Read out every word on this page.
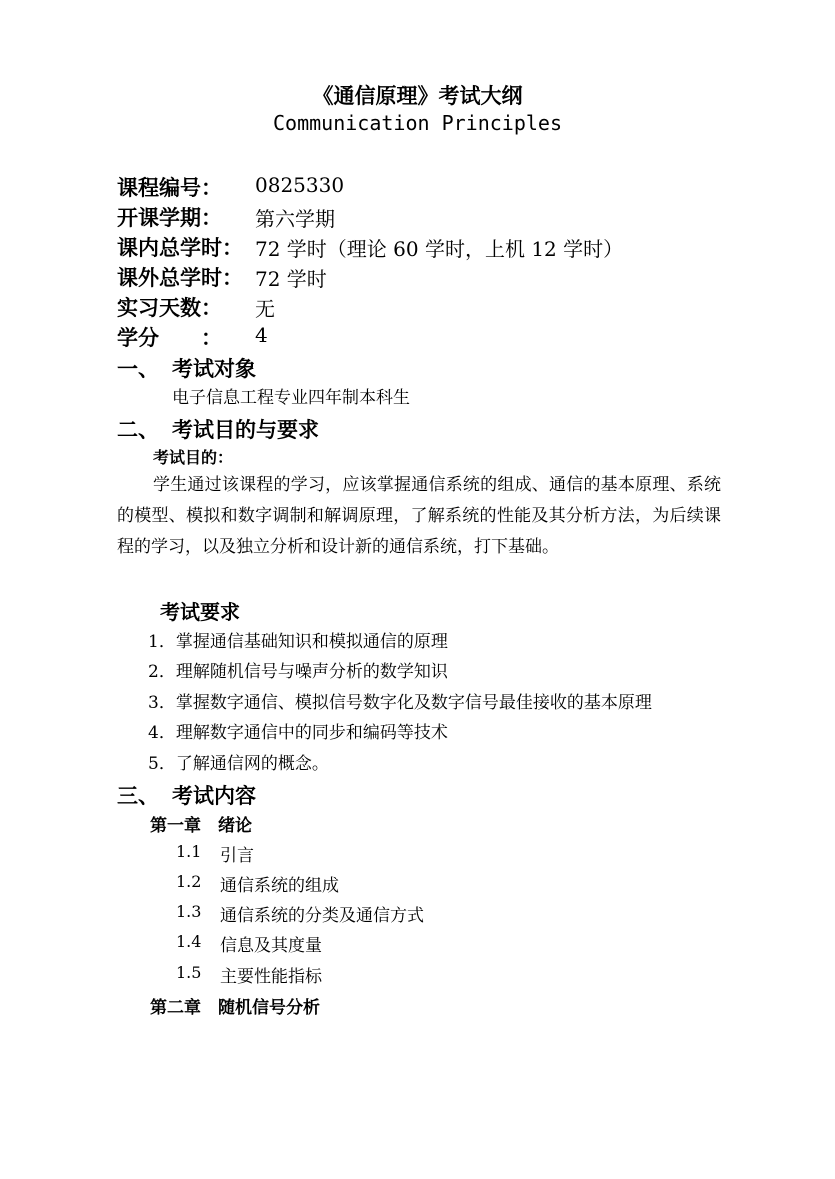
《通信原理》考试大纲
Communication Principles
课程编号： 0825330
开课学期： 第六学期
课内总学时： 72 学时（理论 60 学时，上机 12 学时）
课外总学时： 72 学时
实习天数： 无
学分　　： 4
一、 考试对象
电子信息工程专业四年制本科生
二、 考试目的与要求
考试目的：
学生通过该课程的学习，应该掌握通信系统的组成、通信的基本原理、系统的模型、模拟和数字调制和解调原理，了解系统的性能及其分析方法，为后续课程的学习，以及独立分析和设计新的通信系统，打下基础。
考试要求
1．掌握通信基础知识和模拟通信的原理
2．理解随机信号与噪声分析的数学知识
3．掌握数字通信、模拟信号数字化及数字信号最佳接收的基本原理
4．理解数字通信中的同步和编码等技术
5．了解通信网的概念。
三、 考试内容
第一章　绪论
1.1 引言
1.2 通信系统的组成
1.3 通信系统的分类及通信方式
1.4 信息及其度量
1.5 主要性能指标
第二章　随机信号分析
